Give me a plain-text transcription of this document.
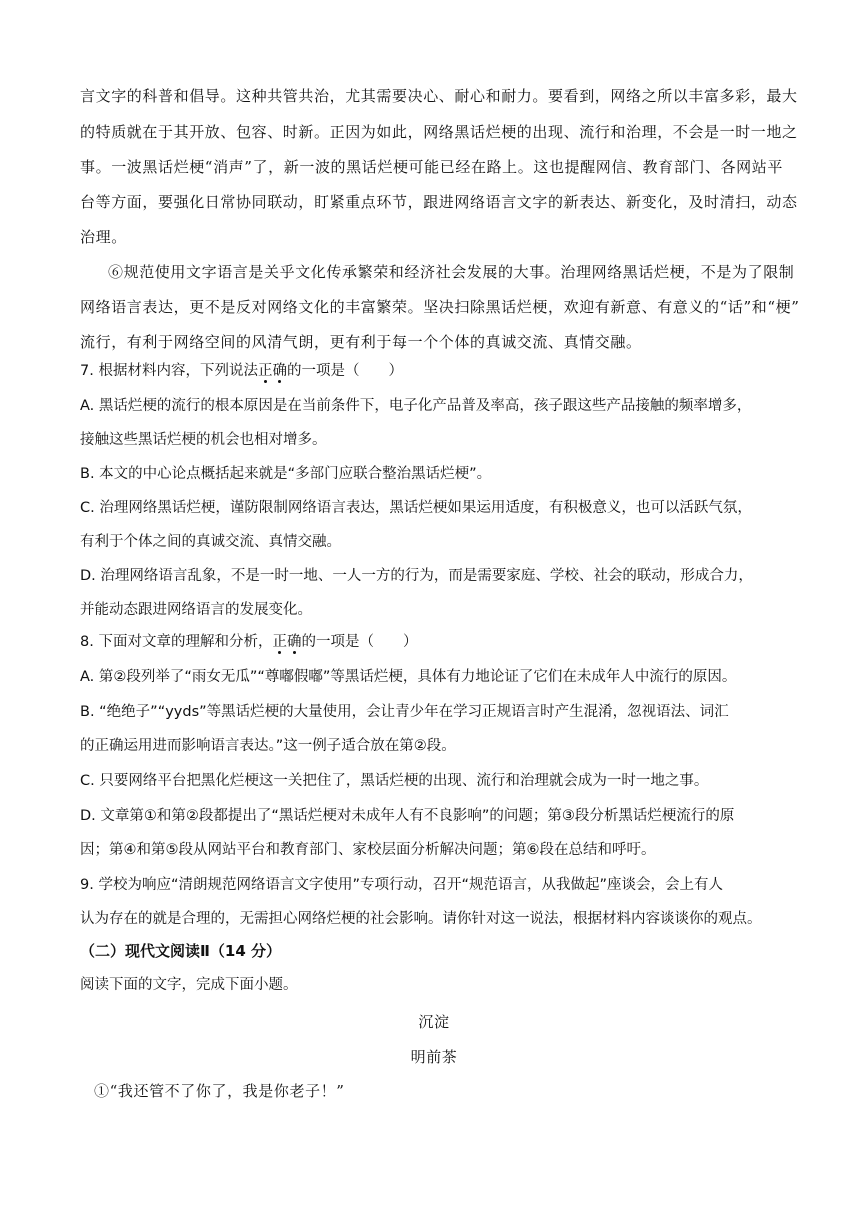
言文字的科普和倡导。这种共管共治，尤其需要决心、耐心和耐力。要看到，网络之所以丰富多彩，最大
的特质就在于其开放、包容、时新。正因为如此，网络黑话烂梗的出现、流行和治理，不会是一时一地之
事。一波黑话烂梗“消声”了，新一波的黑话烂梗可能已经在路上。这也提醒网信、教育部门、各网站平
台等方面，要强化日常协同联动，盯紧重点环节，跟进网络语言文字的新表达、新变化，及时清扫，动态
治理。
⑥规范使用文字语言是关乎文化传承繁荣和经济社会发展的大事。治理网络黑话烂梗，不是为了限制
网络语言表达，更不是反对网络文化的丰富繁荣。坚决扫除黑话烂梗，欢迎有新意、有意义的“话”和“梗”
流行，有利于网络空间的风清气朗，更有利于每一个个体的真诚交流、真情交融。
7. 根据材料内容，下列说法正确的一项是（　　）
A. 黑话烂梗的流行的根本原因是在当前条件下，电子化产品普及率高，孩子跟这些产品接触的频率增多，
接触这些黑话烂梗的机会也相对增多。
B. 本文的中心论点概括起来就是“多部门应联合整治黑话烂梗”。
C. 治理网络黑话烂梗，谨防限制网络语言表达，黑话烂梗如果运用适度，有积极意义，也可以活跃气氛，
有利于个体之间的真诚交流、真情交融。
D. 治理网络语言乱象，不是一时一地、一人一方的行为，而是需要家庭、学校、社会的联动，形成合力，
并能动态跟进网络语言的发展变化。
8. 下面对文章的理解和分析，正确的一项是（　　）
A. 第②段列举了“雨女无瓜”“尊嘟假嘟”等黑话烂梗，具体有力地论证了它们在未成年人中流行的原因。
B. “绝绝子”“yyds”等黑话烂梗的大量使用，会让青少年在学习正规语言时产生混淆，忽视语法、词汇
的正确运用进而影响语言表达。”这一例子适合放在第②段。
C. 只要网络平台把黑化烂梗这一关把住了，黑话烂梗的出现、流行和治理就会成为一时一地之事。
D. 文章第①和第②段都提出了“黑话烂梗对未成年人有不良影响”的问题；第③段分析黑话烂梗流行的原
因；第④和第⑤段从网站平台和教育部门、家校层面分析解决问题；第⑥段在总结和呼吁。
9. 学校为响应“清朗规范网络语言文字使用”专项行动，召开“规范语言，从我做起”座谈会，会上有人
认为存在的就是合理的，无需担心网络烂梗的社会影响。请你针对这一说法，根据材料内容谈谈你的观点。
（二）现代文阅读Ⅱ（14 分）
阅读下面的文字，完成下面小题。
沉淀
明前茶
①“我还管不了你了，我是你老子！”
